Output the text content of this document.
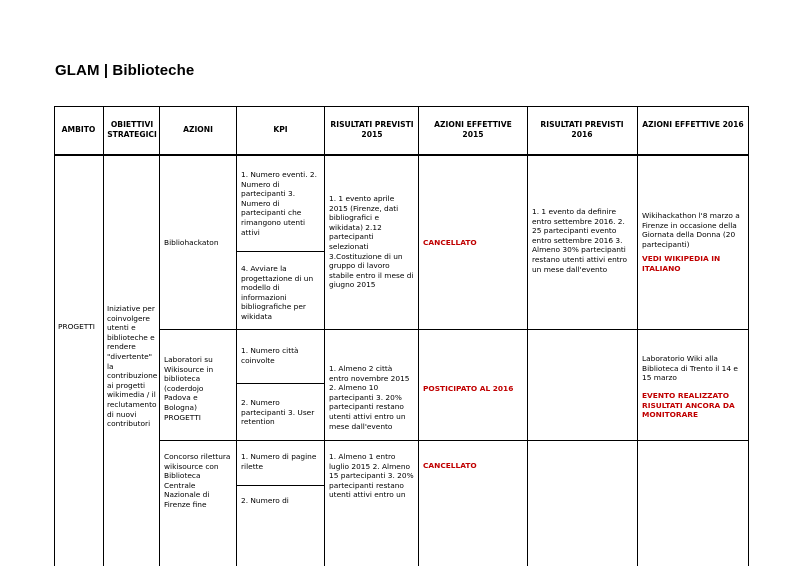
GLAM | Biblioteche
AMBITO
OBIETTIVI STRATEGICI
AZIONI	KPI
RISULTATI PREVISTI 2015
AZIONI EFFETTIVE 2015
RISULTATI PREVISTI 2016
AZIONI EFFETTIVE 2016
PROGETTI
Iniziative per coinvolgere utenti e biblioteche e rendere "divertente" la contribuzione ai progetti wikimedia / il reclutamento di nuovi contributori
Bibliohackaton
1. Numero eventi. 2. Numero di partecipanti 3. Numero di partecipanti che rimangono utenti attivi
4. Avviare la progettazione di un modello di informazioni bibliografiche per wikidata
1. 1 evento aprile 2015 (Firenze, dati bibliografici e wikidata) 2.12 partecipanti selezionati 3.Costituzione di un gruppo di lavoro stabile entro il mese di giugno 2015
CANCELLATO
1. 1 evento da definire entro settembre 2016. 2. 25 partecipanti evento entro settembre 2016 3. Almeno 30% partecipanti restano utenti attivi entro un mese dall'evento
Wikihackathon l'8 marzo a Firenze in occasione della Giornata della Donna (20 partecipanti)
VEDI WIKIPEDIA IN ITALIANO
Laboratori su Wikisource in biblioteca (coderdojo Padova e Bologna) PROGETTI
1. Numero città coinvolte
2. Numero partecipanti 3. User retention
1. Almeno 2 città entro novembre 2015 2. Almeno 10 partecipanti 3. 20% partecipanti restano utenti attivi entro un mese dall'evento
POSTICIPATO AL 2016
Laboratorio Wiki alla Biblioteca di Trento il 14 e 15 marzo
EVENTO REALIZZATO RISULTATI ANCORA DA MONITORARE
Concorso rilettura wikisource con Biblioteca Centrale Nazionale di Firenze fine
1. Numero di pagine rilette
2. Numero di
1. Almeno 1 entro luglio 2015 2. Almeno 15 partecipanti 3. 20% partecipanti restano utenti attivi entro un
CANCELLATO
